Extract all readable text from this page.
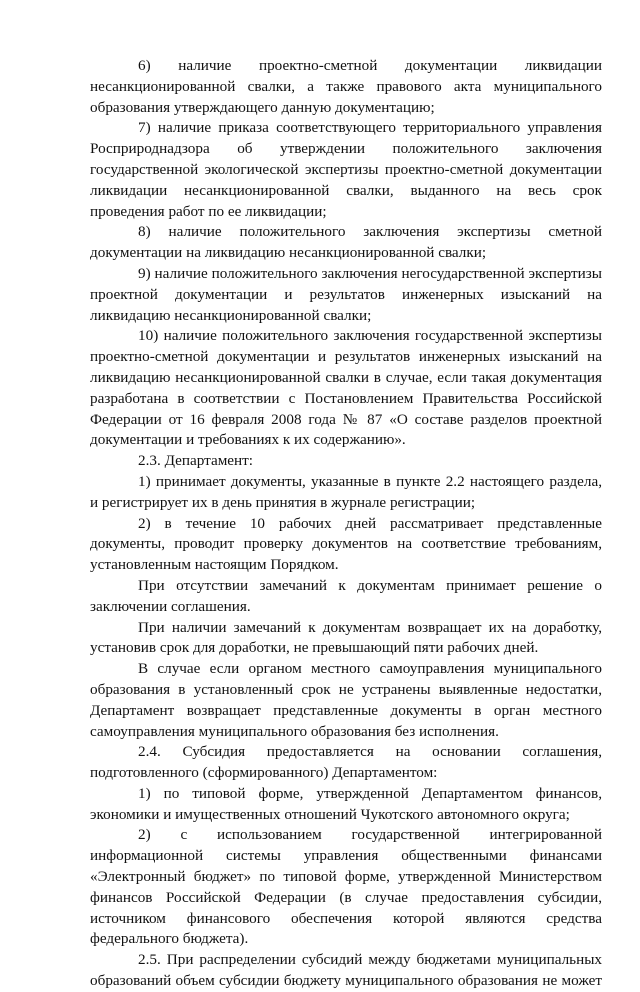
6) наличие проектно-сметной документации ликвидации несанкционированной свалки, а также правового акта муниципального образования утверждающего данную документацию;

7) наличие приказа соответствующего территориального управления Росприроднадзора об утверждении положительного заключения государственной экологической экспертизы проектно-сметной документации ликвидации несанкционированной свалки, выданного на весь срок проведения работ по ее ликвидации;

8) наличие положительного заключения экспертизы сметной документации на ликвидацию несанкционированной свалки;

9) наличие положительного заключения негосударственной экспертизы проектной документации и результатов инженерных изысканий на ликвидацию несанкционированной свалки;

10) наличие положительного заключения государственной экспертизы проектно-сметной документации и результатов инженерных изысканий на ликвидацию несанкционированной свалки в случае, если такая документация разработана в соответствии с Постановлением Правительства Российской Федерации от 16 февраля 2008 года № 87 «О составе разделов проектной документации и требованиях к их содержанию».

2.3. Департамент:

1) принимает документы, указанные в пункте 2.2 настоящего раздела, и регистрирует их в день принятия в журнале регистрации;

2) в течение 10 рабочих дней рассматривает представленные документы, проводит проверку документов на соответствие требованиям, установленным настоящим Порядком.

При отсутствии замечаний к документам принимает решение о заключении соглашения.

При наличии замечаний к документам возвращает их на доработку, установив срок для доработки, не превышающий пяти рабочих дней.

В случае если органом местного самоуправления муниципального образования в установленный срок не устранены выявленные недостатки, Департамент возвращает представленные документы в орган местного самоуправления муниципального образования без исполнения.

2.4. Субсидия предоставляется на основании соглашения, подготовленного (сформированного) Департаментом:

1) по типовой форме, утвержденной Департаментом финансов, экономики и имущественных отношений Чукотского автономного округа;

2) с использованием государственной интегрированной информационной системы управления общественными финансами «Электронный бюджет» по типовой форме, утвержденной Министерством финансов Российской Федерации (в случае предоставления субсидии, источником финансового обеспечения которой являются средства федерального бюджета).

2.5. При распределении субсидий между бюджетами муниципальных образований объем субсидии бюджету муниципального образования не может
